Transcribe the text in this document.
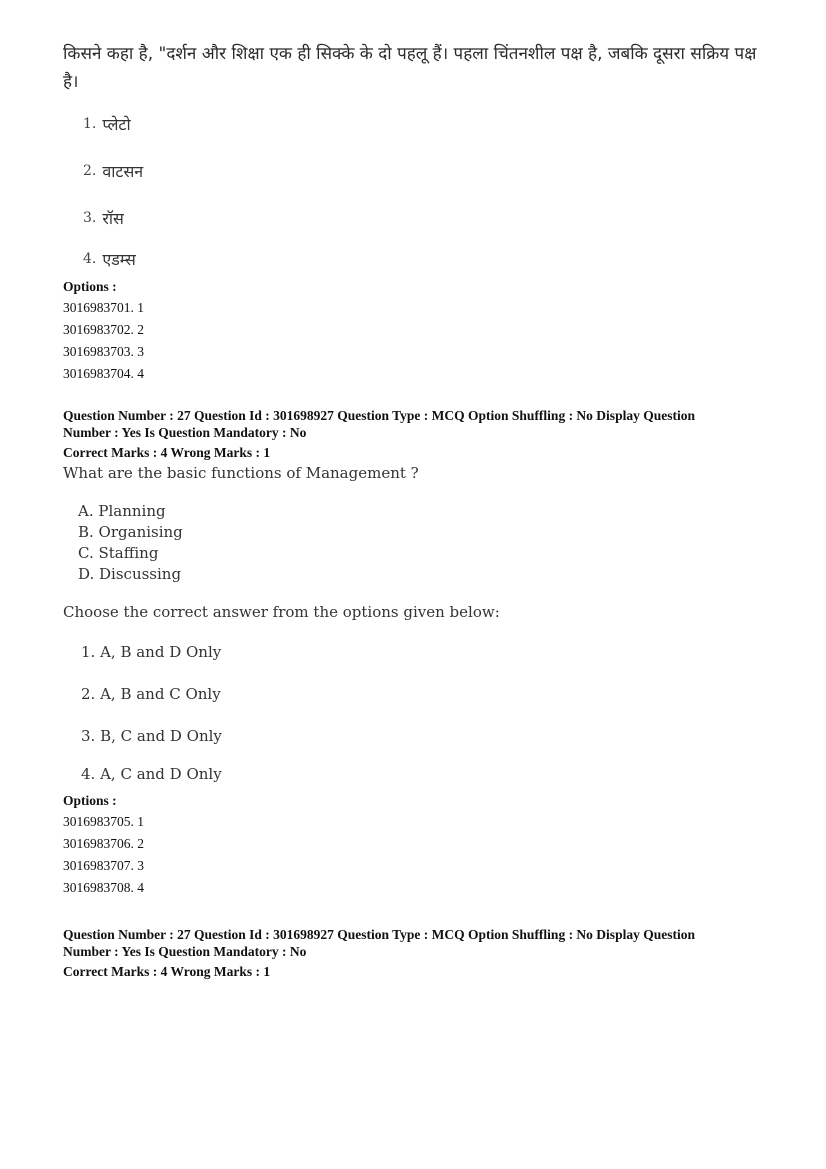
किसने कहा है, "दर्शन और शिक्षा एक ही सिक्के के दो पहलू हैं। पहला चिंतनशील पक्ष है, जबकि दूसरा सक्रिय पक्ष है।
1. प्लेटो
2. वाटसन
3. रॉस
4. एडम्स
Options :
3016983701. 1
3016983702. 2
3016983703. 3
3016983704. 4
Question Number : 27 Question Id : 301698927 Question Type : MCQ Option Shuffling : No Display Question
Number : Yes Is Question Mandatory : No
Correct Marks : 4 Wrong Marks : 1
What are the basic functions of Management ?
A. Planning
B. Organising
C. Staffing
D. Discussing
Choose the correct answer from the options given below:
1. A, B and D Only
2. A, B and C Only
3. B, C and D Only
4. A, C and D Only
Options :
3016983705. 1
3016983706. 2
3016983707. 3
3016983708. 4
Question Number : 27 Question Id : 301698927 Question Type : MCQ Option Shuffling : No Display Question
Number : Yes Is Question Mandatory : No
Correct Marks : 4 Wrong Marks : 1
